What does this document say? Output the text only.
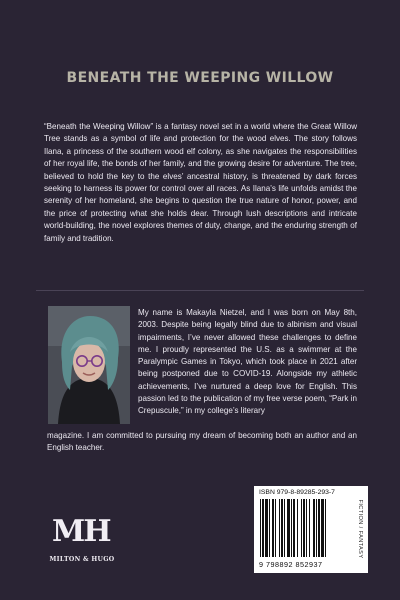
BENEATH THE WEEPING WILLOW
“Beneath the Weeping Willow” is a fantasy novel set in a world where the Great Willow Tree stands as a symbol of life and protection for the wood elves. The story follows Ilana, a princess of the southern wood elf colony, as she navigates the responsibilities of her royal life, the bonds of her family, and the growing desire for adventure. The tree, believed to hold the key to the elves’ ancestral history, is threatened by dark forces seeking to harness its power for control over all races. As Ilana’s life unfolds amidst the serenity of her homeland, she begins to question the true nature of honor, power, and the price of protecting what she holds dear. Through lush descriptions and intricate world-building, the novel explores themes of duty, change, and the enduring strength of family and tradition.
My name is Makayla Nietzel, and I was born on May 8th, 2003. Despite being legally blind due to albinism and visual impairments, I’ve never allowed these challenges to define me. I proudly represented the U.S. as a swimmer at the Paralympic Games in Tokyo, which took place in 2021 after being postponed due to COVID-19. Alongside my athletic achievements, I’ve nurtured a deep love for English. This passion led to the publication of my free verse poem, “Park in Crepuscule,” in my college’s literary
magazine. I am committed to pursuing my dream of becoming both an author and an English teacher.
MH
MILTON & HUGO
ISBN 979-8-89285-293-7
9 798892 852937
FICTION / FANTASY
